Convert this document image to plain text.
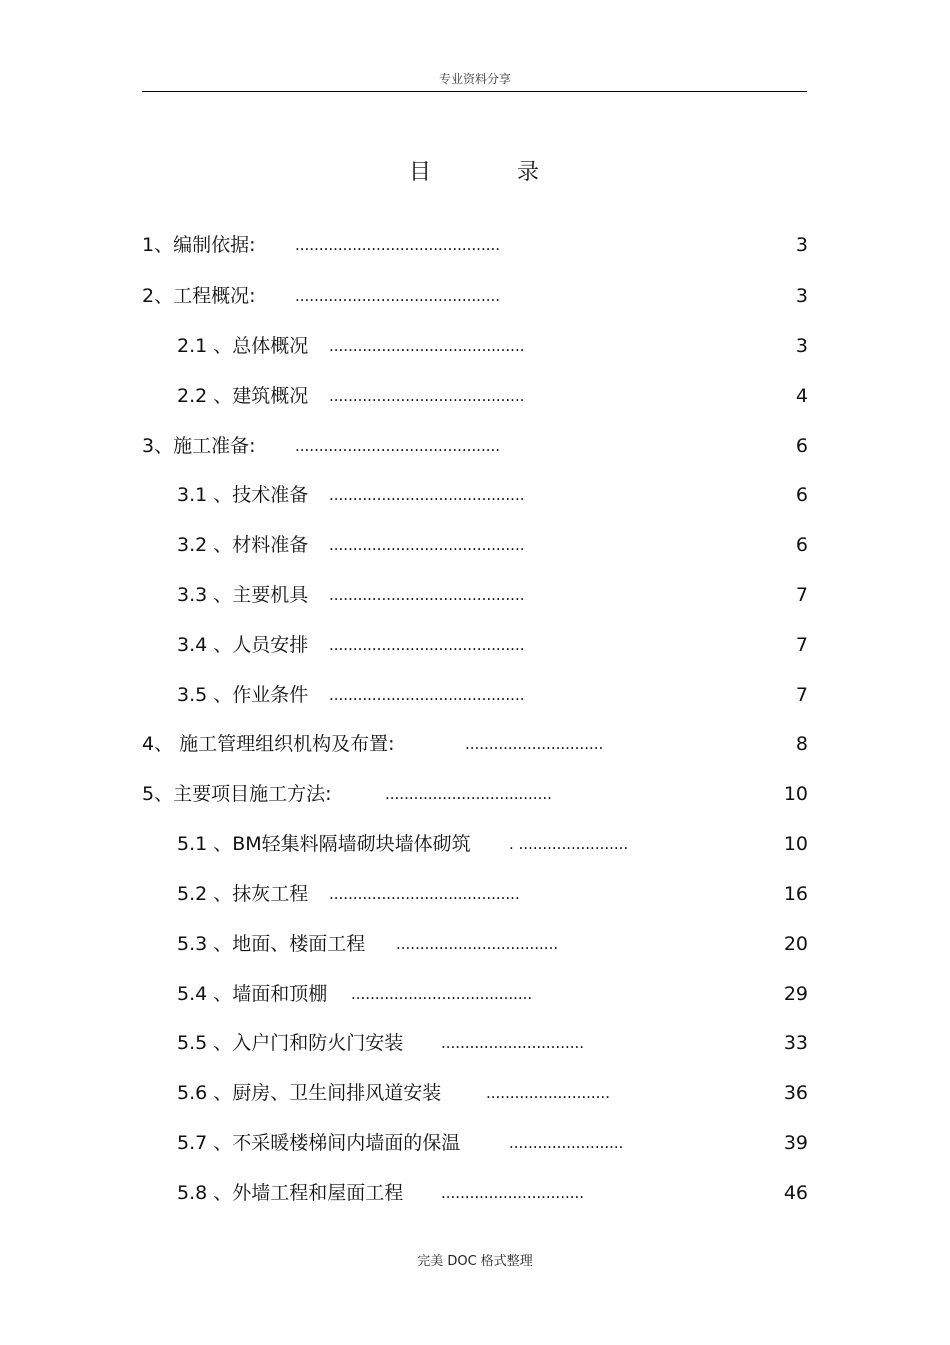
专业资料分享
目	录
1、编制依据:	...........................................	3
2、工程概况:	...........................................	3
2.1 、总体概况 .........................................	3
2.2 、建筑概况 .........................................	4
3、施工准备:	...........................................	6
3.1 、技术准备 .........................................	6
3.2 、材料准备 .........................................	6
3.3 、主要机具 .........................................	7
3.4 、人员安排 .........................................	7
3.5 、作业条件 .........................................	7
4、 施工管理组织机构及布置:	.............................	8
5、主要项目施工方法:	...................................	10
5.1 、BM轻集料隔墙砌块墙体砌筑	. .......................	10
5.2 、抹灰工程 ........................................	16
5.3 、地面、楼面工程 ..................................	20
5.4 、墙面和顶棚 ......................................	29
5.5 、入户门和防火门安装	..............................	33
5.6 、厨房、卫生间排风道安装	..........................	36
5.7 、不采暖楼梯间内墙面的保温	........................	39
5.8 、外墙工程和屋面工程	..............................	46
完美 DOC 格式整理
